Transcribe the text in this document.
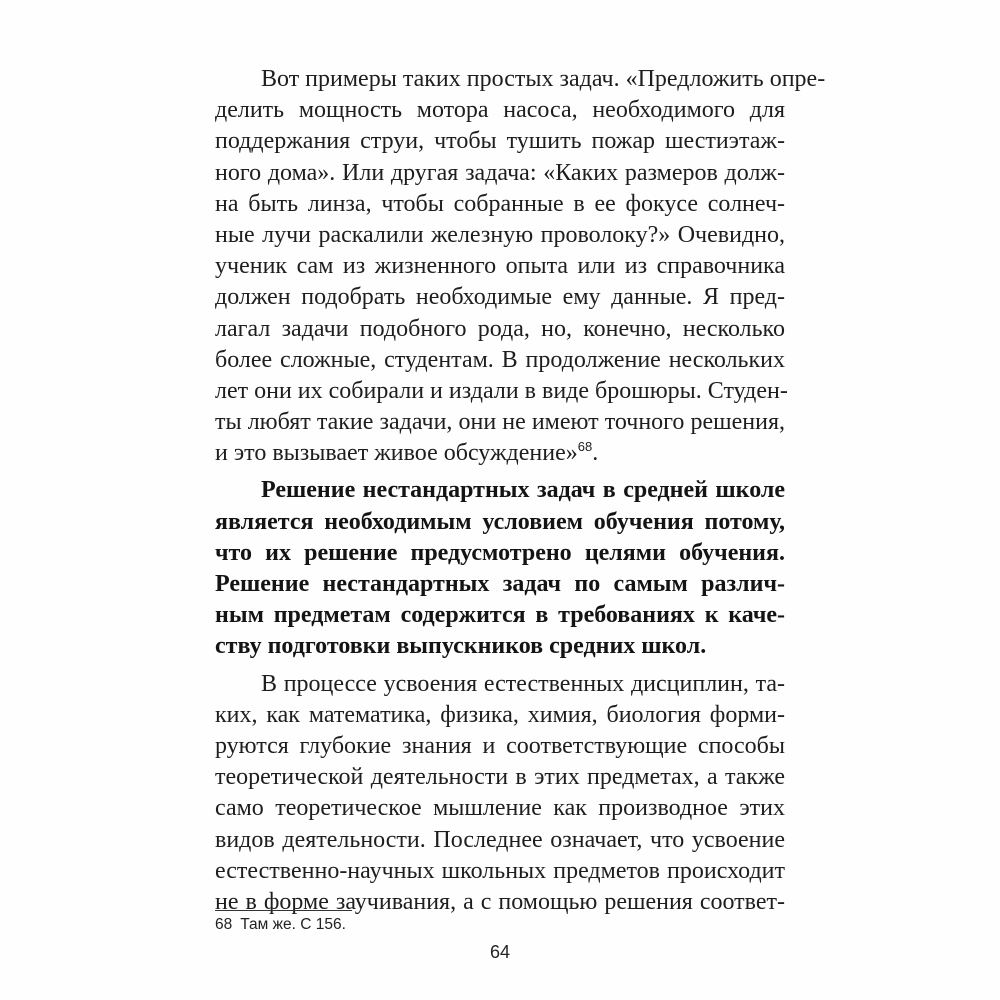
Вот примеры таких простых задач. «Предложить опре-
делить мощность мотора насоса, необходимого для
поддержания струи, чтобы тушить пожар шестиэтаж-
ного дома». Или другая задача: «Каких размеров долж-
на быть линза, чтобы собранные в ее фокусе солнеч-
ные лучи раскалили железную проволоку?» Очевидно,
ученик сам из жизненного опыта или из справочника
должен подобрать необходимые ему данные. Я пред-
лагал задачи подобного рода, но, конечно, несколько
более сложные, студентам. В продолжение нескольких
лет они их собирали и издали в виде брошюры. Студен-
ты любят такие задачи, они не имеют точного решения,
и это вызывает живое обсуждение»$^{68}$.
Решение нестандартных задач в средней школе
является необходимым условием обучения потому,
что их решение предусмотрено целями обучения.
Решение нестандартных задач по самым различ-
ным предметам содержится в требованиях к каче-
ству подготовки выпускников средних школ.
В процессе усвоения естественных дисциплин, та-
ких, как математика, физика, химия, биология форми-
руются глубокие знания и соответствующие способы
теоретической деятельности в этих предметах, а также
само теоретическое мышление как производное этих
видов деятельности. Последнее означает, что усвоение
естественно-научных школьных предметов происходит
не в форме заучивания, а с помощью решения соответ-
68 Там же. С 156.
64
